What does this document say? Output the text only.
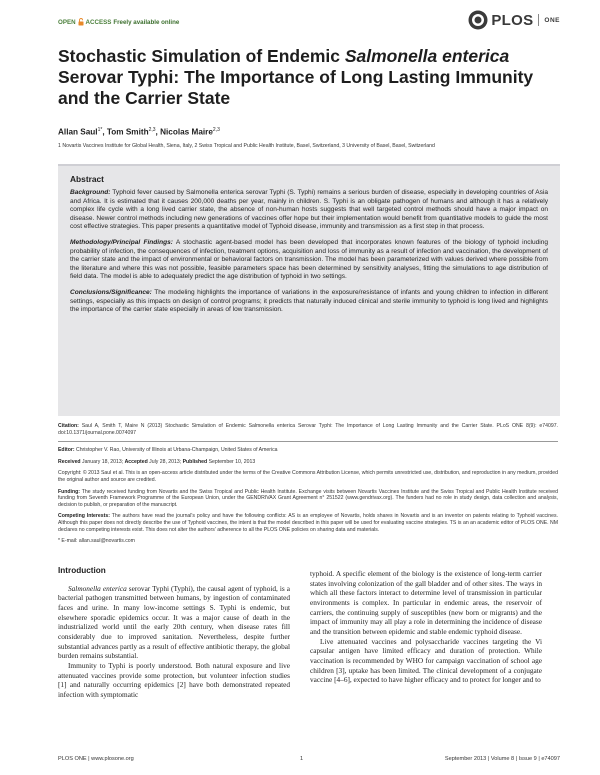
OPEN ACCESS Freely available online	PLOS ONE
Stochastic Simulation of Endemic Salmonella enterica
Serovar Typhi: The Importance of Long Lasting Immunity
and the Carrier State
Allan Saul$^{1*}$, Tom Smith$^{2,3}$, Nicolas Maire$^{2,3}$
1 Novartis Vaccines Institute for Global Health, Siena, Italy, 2 Swiss Tropical and Public Health Institute, Basel, Switzerland, 3 University of Basel, Basel, Switzerland
Abstract

Background: Typhoid fever caused by Salmonella enterica serovar Typhi (S. Typhi) remains a serious burden of disease, especially in developing countries of Asia and Africa. It is estimated that it causes 200,000 deaths per year, mainly in children. S. Typhi is an obligate pathogen of humans and although it has a relatively complex life cycle with a long lived carrier state, the absence of non-human hosts suggests that well targeted control methods should have a major impact on disease. Newer control methods including new generations of vaccines offer hope but their implementation would benefit from quantitative models to guide the most cost effective strategies. This paper presents a quantitative model of Typhoid disease, immunity and transmission as a first step in that process.

Methodology/Principal Findings: A stochastic agent-based model has been developed that incorporates known features of the biology of typhoid including probability of infection, the consequences of infection, treatment options, acquisition and loss of immunity as a result of infection and vaccination, the development of the carrier state and the impact of environmental or behavioral factors on transmission. The model has been parameterized with values derived where possible from the literature and where this was not possible, feasible parameters space has been determined by sensitivity analyses, fitting the simulations to age distribution of field data. The model is able to adequately predict the age distribution of typhoid in two settings.

Conclusions/Significance: The modeling highlights the importance of variations in the exposure/resistance of infants and young children to infection in different settings, especially as this impacts on design of control programs; it predicts that naturally induced clinical and sterile immunity to typhoid is long lived and highlights the importance of the carrier state especially in areas of low transmission.

Citation: Saul A, Smith T, Maire N (2013) Stochastic Simulation of Endemic Salmonella enterica Serovar Typhi: The Importance of Long Lasting Immunity and the Carrier State. PLoS ONE 8(9): e74097. doi:10.1371/journal.pone.0074097

Editor: Christopher V. Rao, University of Illinois at Urbana-Champaign, United States of America

Received January 18, 2013; Accepted July 28, 2013; Published September 10, 2013

Copyright: © 2013 Saul et al. This is an open-access article distributed under the terms of the Creative Commons Attribution License, which permits unrestricted use, distribution, and reproduction in any medium, provided the original author and source are credited.

Funding: The study received funding from Novartis and the Swiss Tropical and Public Health Institute. Exchange visits between Novartis Vaccines Institute and the Swiss Tropical and Public Health Institute received funding from Seventh Framework Programme of the European Union, under the GENDRIVAX Grant Agreement n° 251522 (www.gendrivax.org). The funders had no role in study design, data collection and analysis, decision to publish, or preparation of the manuscript.

Competing Interests: The authors have read the journal's policy and have the following conflicts: AS is an employee of Novartis, holds shares in Novartis and is an inventor on patents relating to Typhoid vaccines. Although this paper does not directly describe the use of Typhoid vaccines, the intent is that the model described in this paper will be used for evaluating vaccine strategies. TS is an an academic editor of PLOS ONE. NM declares no competing interests exist. This does not alter the authors' adherence to all the PLOS ONE policies on sharing data and materials.

* E-mail: allan.saul@novartis.com

Introduction

Salmonella enterica serovar Typhi (Typhi), the causal agent of typhoid, is a bacterial pathogen transmitted between humans, by ingestion of contaminated faces and urine. In many low-income settings S. Typhi is endemic, but elsewhere sporadic epidemics occur. It was a major cause of death in the industrialized world until the early 20th century, when disease rates fill considerably due to improved sanitation. Nevertheless, despite further substantial advances partly as a result of effective antibiotic therapy, the global burden remains substantial.

Immunity to Typhi is poorly understood. Both natural exposure and live attenuated vaccines provide some protection, but volunteer infection studies [1] and naturally occurring epidemics [2] have both demonstrated repeated infection with symptomatic

typhoid. A specific element of the biology is the existence of long-term carrier states involving colonization of the gall bladder and of other sites. The ways in which all these factors interact to determine level of transmission in particular environments is complex. In particular in endemic areas, the reservoir of carriers, the continuing supply of susceptibles (new born or migrants) and the impact of immunity may all play a role in determining the incidence of disease and the transition between epidemic and stable endemic typhoid disease.

Live attenuated vaccines and polysaccharide vaccines targeting the Vi capsular antigen have limited efficacy and duration of protection. While vaccination is recommended by WHO for campaign vaccination of school age children [3], uptake has been limited. The clinical development of a conjugate vaccine [4–6], expected to have higher efficacy and to protect for longer and to

PLOS ONE | www.plosone.org	1	September 2013 | Volume 8 | Issue 9 | e74097
